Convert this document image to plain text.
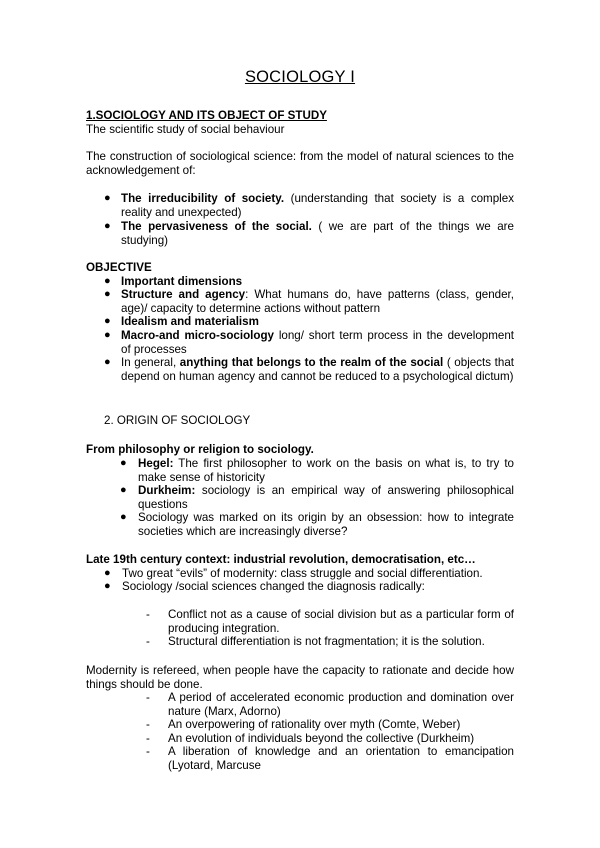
SOCIOLOGY I
1.SOCIOLOGY AND ITS OBJECT OF STUDY
The scientific study of social behaviour
The construction of sociological science: from the model of natural sciences to the acknowledgement of:
● The irreducibility of society. (understanding that society is a complex reality and unexpected)
● The pervasiveness of the social. ( we are part of the things we are studying)
OBJECTIVE
● Important dimensions
● Structure and agency: What humans do, have patterns (class, gender, age)/ capacity to determine actions without pattern
● Idealism and materialism
● Macro-and micro-sociology long/ short term process in the development of processes
● In general, anything that belongs to the realm of the social ( objects that depend on human agency and cannot be reduced to a psychological dictum)
2. ORIGIN OF SOCIOLOGY
From philosophy or religion to sociology.
● Hegel: The first philosopher to work on the basis on what is, to try to make sense of historicity
● Durkheim: sociology is an empirical way of answering philosophical questions
● Sociology was marked on its origin by an obsession: how to integrate societies which are increasingly diverse?
Late 19th century context: industrial revolution, democratisation, etc…
● Two great “evils” of modernity: class struggle and social differentiation.
● Sociology /social sciences changed the diagnosis radically:
- Conflict not as a cause of social division but as a particular form of producing integration.
- Structural differentiation is not fragmentation; it is the solution.
Modernity is refereed, when people have the capacity to rationate and decide how things should be done.
- A period of accelerated economic production and domination over nature (Marx, Adorno)
- An overpowering of rationality over myth (Comte, Weber)
- An evolution of individuals beyond the collective (Durkheim)
- A liberation of knowledge and an orientation to emancipation (Lyotard, Marcuse
